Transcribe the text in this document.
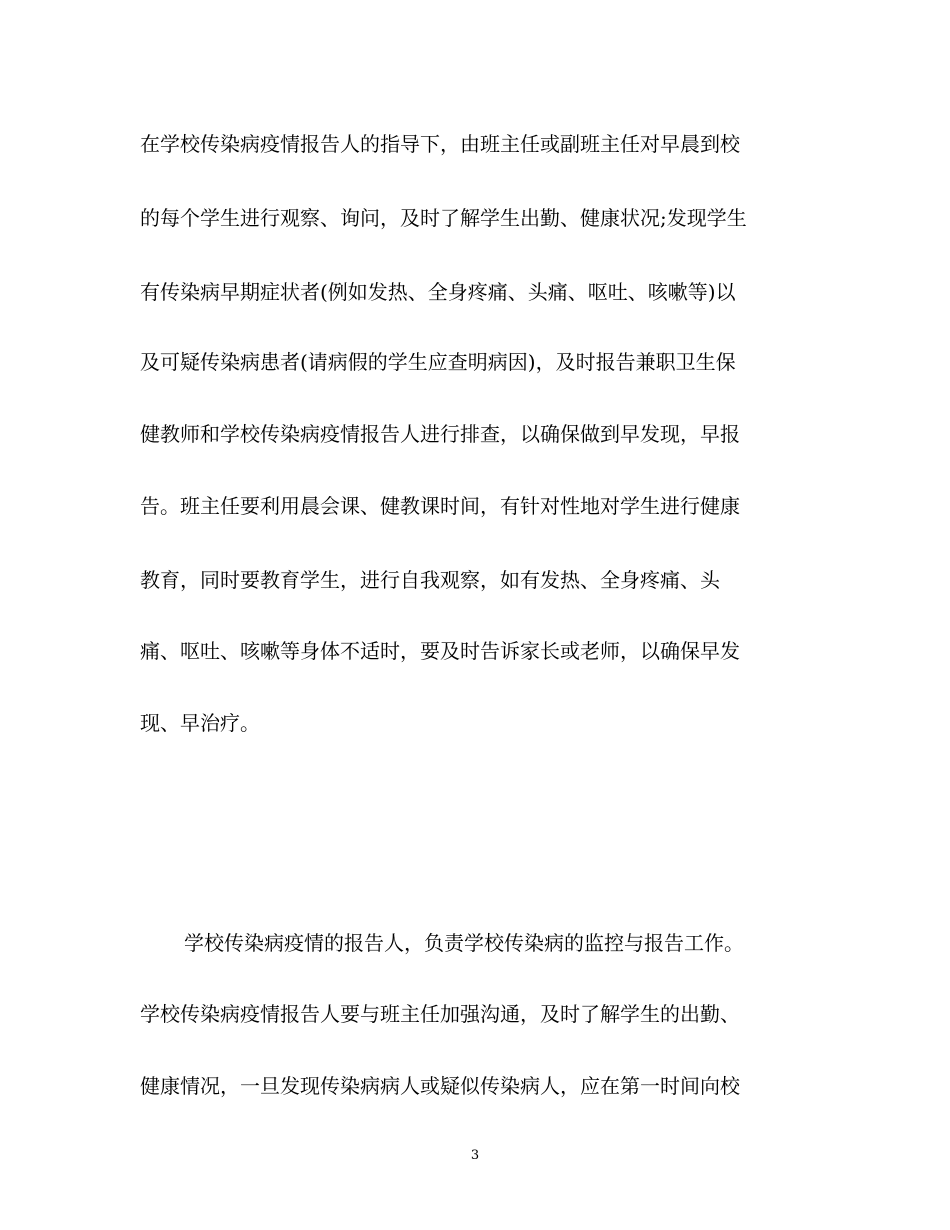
在学校传染病疫情报告人的指导下，由班主任或副班主任对早晨到校
的每个学生进行观察、询问，及时了解学生出勤、健康状况;发现学生
有传染病早期症状者(例如发热、全身疼痛、头痛、呕吐、咳嗽等)以
及可疑传染病患者(请病假的学生应查明病因)，及时报告兼职卫生保
健教师和学校传染病疫情报告人进行排查，以确保做到早发现，早报
告。班主任要利用晨会课、健教课时间，有针对性地对学生进行健康
教育，同时要教育学生，进行自我观察，如有发热、全身疼痛、头
痛、呕吐、咳嗽等身体不适时，要及时告诉家长或老师，以确保早发
现、早治疗。
学校传染病疫情的报告人，负责学校传染病的监控与报告工作。
学校传染病疫情报告人要与班主任加强沟通，及时了解学生的出勤、
健康情况，一旦发现传染病病人或疑似传染病人，应在第一时间向校
3
